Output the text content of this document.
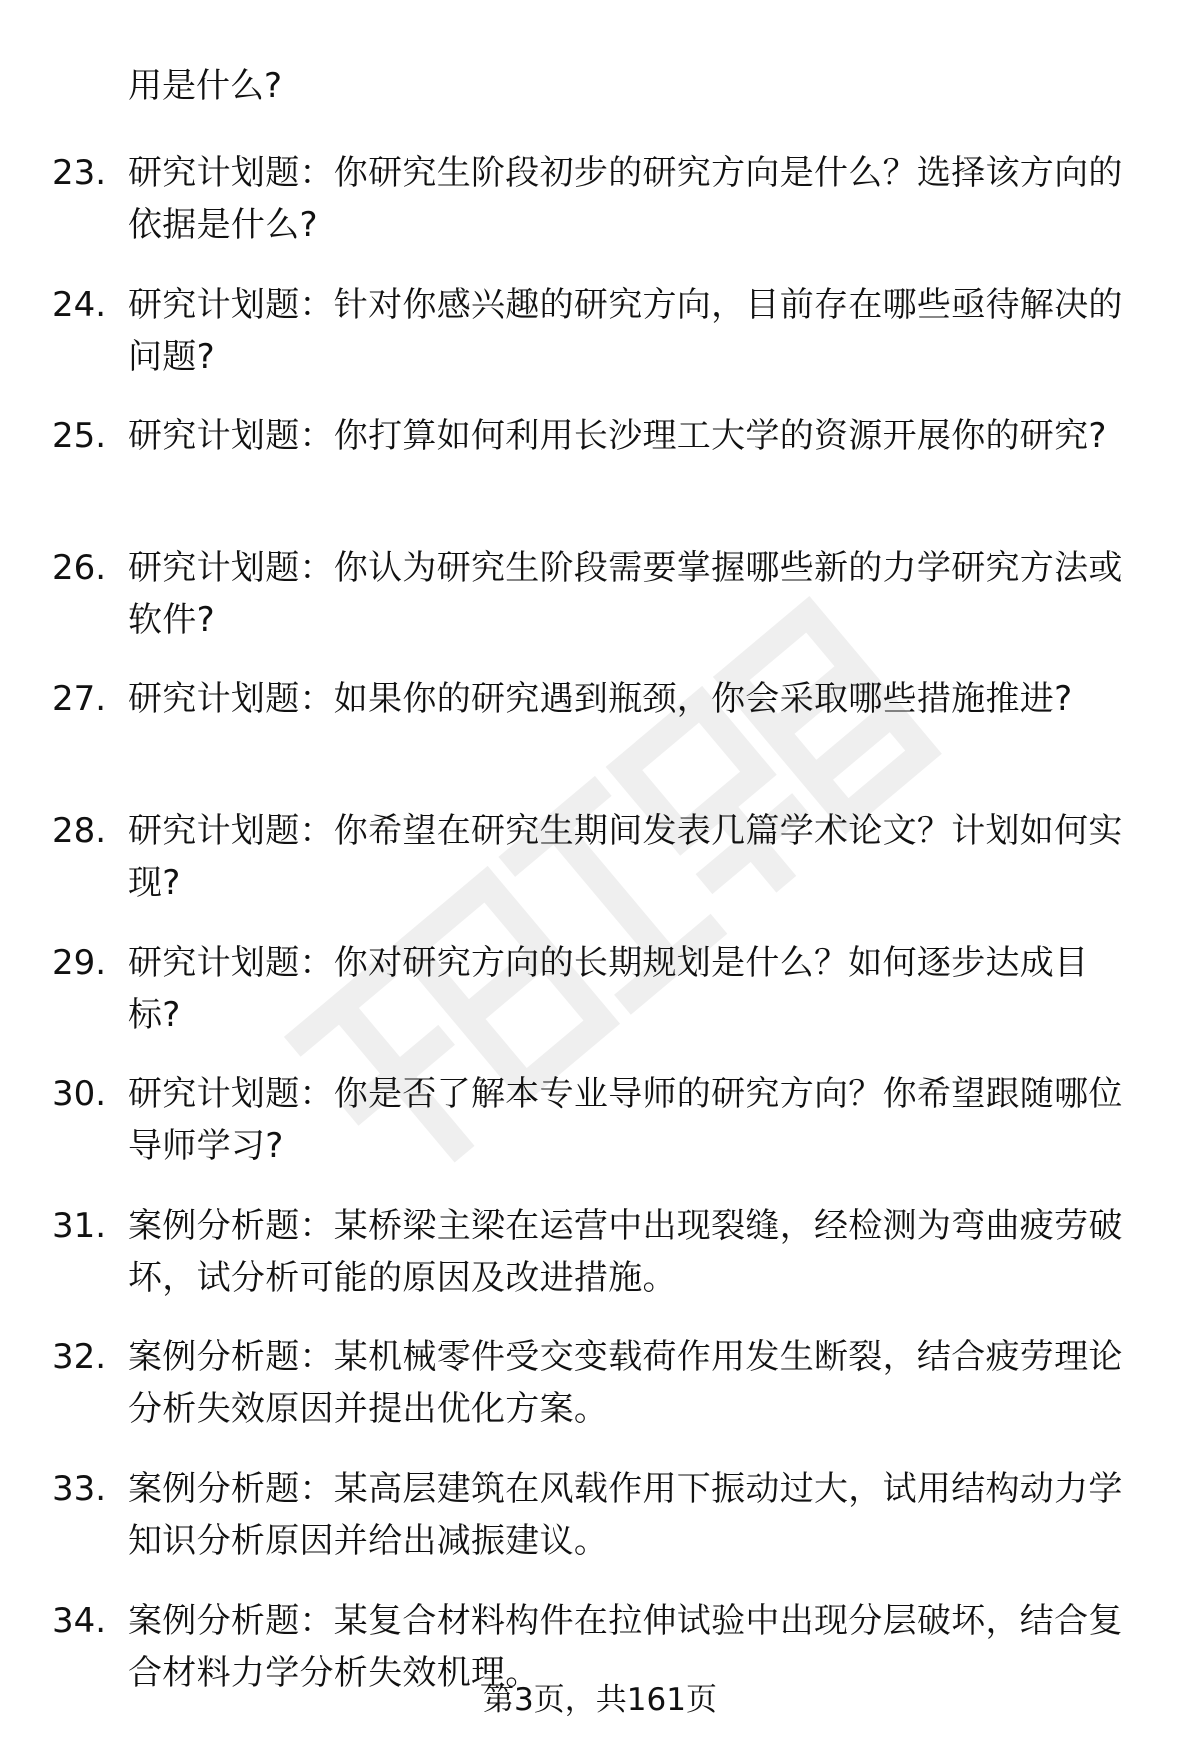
用是什么?
23. 研究计划题：你研究生阶段初步的研究方向是什么？选择该方向的依据是什么?
24. 研究计划题：针对你感兴趣的研究方向，目前存在哪些亟待解决的问题?
25. 研究计划题：你打算如何利用长沙理工大学的资源开展你的研究?
26. 研究计划题：你认为研究生阶段需要掌握哪些新的力学研究方法或软件?
27. 研究计划题：如果你的研究遇到瓶颈，你会采取哪些措施推进?
28. 研究计划题：你希望在研究生期间发表几篇学术论文？计划如何实现?
29. 研究计划题：你对研究方向的长期规划是什么？如何逐步达成目标?
30. 研究计划题：你是否了解本专业导师的研究方向？你希望跟随哪位导师学习?
31. 案例分析题：某桥梁主梁在运营中出现裂缝，经检测为弯曲疲劳破坏，试分析可能的原因及改进措施。
32. 案例分析题：某机械零件受交变载荷作用发生断裂，结合疲劳理论分析失效原因并提出优化方案。
33. 案例分析题：某高层建筑在风载作用下振动过大，试用结构动力学知识分析原因并给出减振建议。
34. 案例分析题：某复合材料构件在拉伸试验中出现分层破坏，结合复合材料力学分析失效机理。
第3页，共161页
